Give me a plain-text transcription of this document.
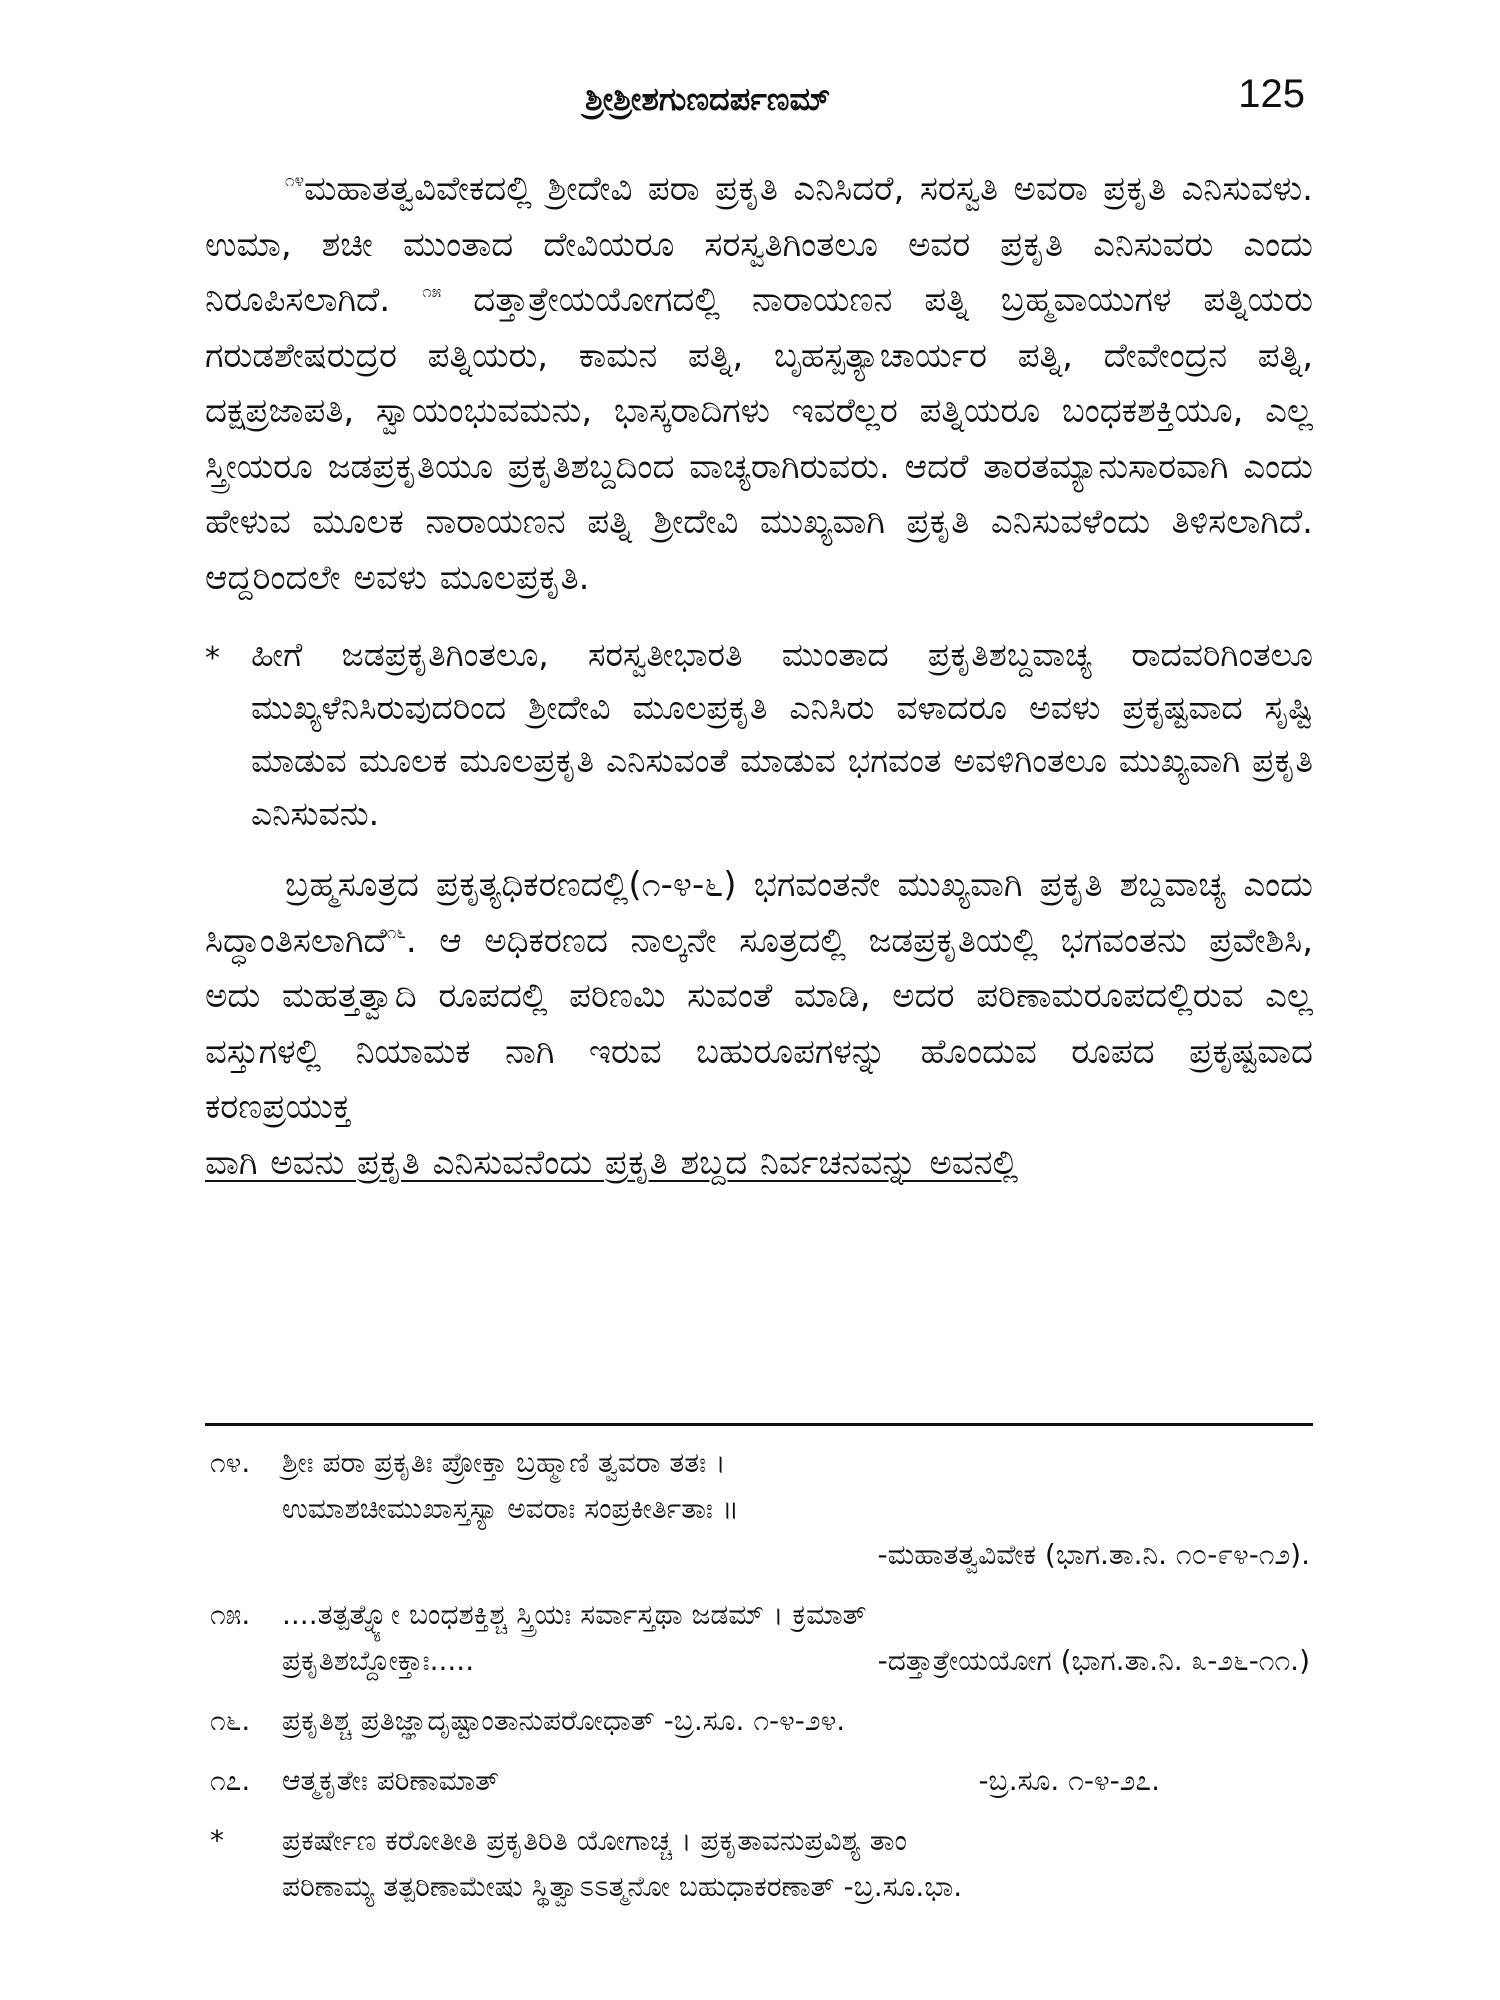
ಶ್ರೀಶ್ರೀಶಗುಣದರ್ಪಣಮ್	125

$^{೧೪}$ಮಹಾತತ್ವವಿವೇಕದಲ್ಲಿ ಶ್ರೀದೇವಿ ಪರಾ ಪ್ರಕೃತಿ ಎನಿಸಿದರೆ, ಸರಸ್ವತಿ ಅವರಾ ಪ್ರಕೃತಿ ಎನಿಸುವಳು. ಉಮಾ, ಶಚೀ ಮುಂತಾದ ದೇವಿಯರೂ ಸರಸ್ವತಿಗಿಂತಲೂ ಅವರ ಪ್ರಕೃತಿ ಎನಿಸುವರು ಎಂದು ನಿರೂಪಿಸಲಾಗಿದೆ. $^{೧೫}$ ದತ್ತಾತ್ರೇಯಯೋಗದಲ್ಲಿ ನಾರಾಯಣನ ಪತ್ನಿ ಬ್ರಹ್ಮವಾಯುಗಳ ಪತ್ನಿಯರು ಗರುಡಶೇಷರುದ್ರರ ಪತ್ನಿಯರು, ಕಾಮನ ಪತ್ನಿ, ಬೃಹಸ್ಪತ್ಯಾಚಾರ್ಯರ ಪತ್ನಿ, ದೇವೇಂದ್ರನ ಪತ್ನಿ, ದಕ್ಷಪ್ರಜಾಪತಿ, ಸ್ವಾಯಂಭುವಮನು, ಭಾಸ್ಕರಾದಿಗಳು ಇವರೆಲ್ಲರ ಪತ್ನಿಯರೂ ಬಂಧಕಶಕ್ತಿಯೂ, ಎಲ್ಲ ಸ್ತ್ರೀಯರೂ ಜಡಪ್ರಕೃತಿಯೂ ಪ್ರಕೃತಿಶಬ್ದದಿಂದ ವಾಚ್ಯರಾಗಿರುವರು. ಆದರೆ ತಾರತಮ್ಯಾನುಸಾರವಾಗಿ ಎಂದು ಹೇಳುವ ಮೂಲಕ ನಾರಾಯಣನ ಪತ್ನಿ ಶ್ರೀದೇವಿ ಮುಖ್ಯವಾಗಿ ಪ್ರಕೃತಿ ಎನಿಸುವಳೆಂದು ತಿಳಿಸಲಾಗಿದೆ. ಆದ್ದರಿಂದಲೇ ಅವಳು ಮೂಲಪ್ರಕೃತಿ.

* ಹೀಗೆ ಜಡಪ್ರಕೃತಿಗಿಂತಲೂ, ಸರಸ್ವತೀಭಾರತಿ ಮುಂತಾದ ಪ್ರಕೃತಿಶಬ್ದವಾಚ್ಯ ರಾದವರಿಗಿಂತಲೂ ಮುಖ್ಯಳೆನಿಸಿರುವುದರಿಂದ ಶ್ರೀದೇವಿ ಮೂಲಪ್ರಕೃತಿ ಎನಿಸಿರು ವಳಾದರೂ ಅವಳು ಪ್ರಕೃಷ್ಟವಾದ ಸೃಷ್ಟಿ ಮಾಡುವ ಮೂಲಕ ಮೂಲಪ್ರಕೃತಿ ಎನಿಸುವಂತೆ ಮಾಡುವ ಭಗವಂತ ಅವಳಿಗಿಂತಲೂ ಮುಖ್ಯವಾಗಿ ಪ್ರಕೃತಿ ಎನಿಸುವನು.

ಬ್ರಹ್ಮಸೂತ್ರದ ಪ್ರಕೃತ್ಯಧಿಕರಣದಲ್ಲಿ(೧-೪-೬) ಭಗವಂತನೇ ಮುಖ್ಯವಾಗಿ ಪ್ರಕೃತಿ ಶಬ್ದವಾಚ್ಯ ಎಂದು ಸಿದ್ಧಾಂತಿಸಲಾಗಿದೆ$^{೧೬}$. ಆ ಅಧಿಕರಣದ ನಾಲ್ಕನೇ ಸೂತ್ರದಲ್ಲಿ ಜಡಪ್ರಕೃತಿಯಲ್ಲಿ ಭಗವಂತನು ಪ್ರವೇಶಿಸಿ, ಅದು ಮಹತ್ತತ್ವಾದಿ ರೂಪದಲ್ಲಿ ಪರಿಣಮಿ ಸುವಂತೆ ಮಾಡಿ, ಅದರ ಪರಿಣಾಮರೂಪದಲ್ಲಿರುವ ಎಲ್ಲ ವಸ್ತುಗಳಲ್ಲಿ ನಿಯಾಮಕ ನಾಗಿ ಇರುವ ಬಹುರೂಪಗಳನ್ನು ಹೊಂದುವ ರೂಪದ ಪ್ರಕೃಷ್ಟವಾದ ಕರಣಪ್ರಯುಕ್ತ
ವಾಗಿ ಅವನು ಪ್ರಕೃತಿ ಎನಿಸುವನೆಂದು ಪ್ರಕೃತಿ ಶಬ್ದದ ನಿರ್ವಚನವನ್ನು ಅವನಲ್ಲಿ

೧೪.	ಶ್ರೀಃ ಪರಾ ಪ್ರಕೃತಿಃ ಪ್ರೋಕ್ತಾ ಬ್ರಹ್ಮಾಣಿ ತ್ವವರಾ ತತಃ ।
ಉಮಾಶಚೀಮುಖಾಸ್ತಸ್ಯಾ ಅವರಾಃ ಸಂಪ್ರಕೀರ್ತಿತಾಃ ॥
-ಮಹಾತತ್ವವಿವೇಕ (ಭಾಗ.ತಾ.ನಿ. ೧೦-೯೪-೧೨).
೧೫.	....ತತ್ಪತ್ನ್ಯೋ ಬಂಧಶಕ್ತಿಶ್ಚ ಸ್ತ್ರಿಯಃ ಸರ್ವಾಸ್ತಥಾ ಜಡಮ್ । ಕ್ರಮಾತ್
ಪ್ರಕೃತಿಶಬ್ದೋಕ್ತಾಃ.....	-ದತ್ತಾತ್ರೇಯಯೋಗ (ಭಾಗ.ತಾ.ನಿ. ೩-೨೬-೧೧.)
೧೬.	ಪ್ರಕೃತಿಶ್ಚ ಪ್ರತಿಜ್ಞಾದೃಷ್ಟಾಂತಾನುಪರೋಧಾತ್ -ಬ್ರ.ಸೂ. ೧-೪-೨೪.
೧೭.	ಆತ್ಮಕೃತೇಃ ಪರಿಣಾಮಾತ್	-ಬ್ರ.ಸೂ. ೧-೪-೨೭.
*	ಪ್ರಕರ್ಷೇಣ ಕರೋತೀತಿ ಪ್ರಕೃತಿರಿತಿ ಯೋಗಾಚ್ಚ । ಪ್ರಕೃತಾವನುಪ್ರವಿಶ್ಯ ತಾಂ
ಪರಿಣಾಮ್ಯ ತತ್ಪರಿಣಾಮೇಷು ಸ್ಥಿತ್ವಾಽಽತ್ಮನೋ ಬಹುಧಾಕರಣಾತ್ -ಬ್ರ.ಸೂ.ಭಾ.
